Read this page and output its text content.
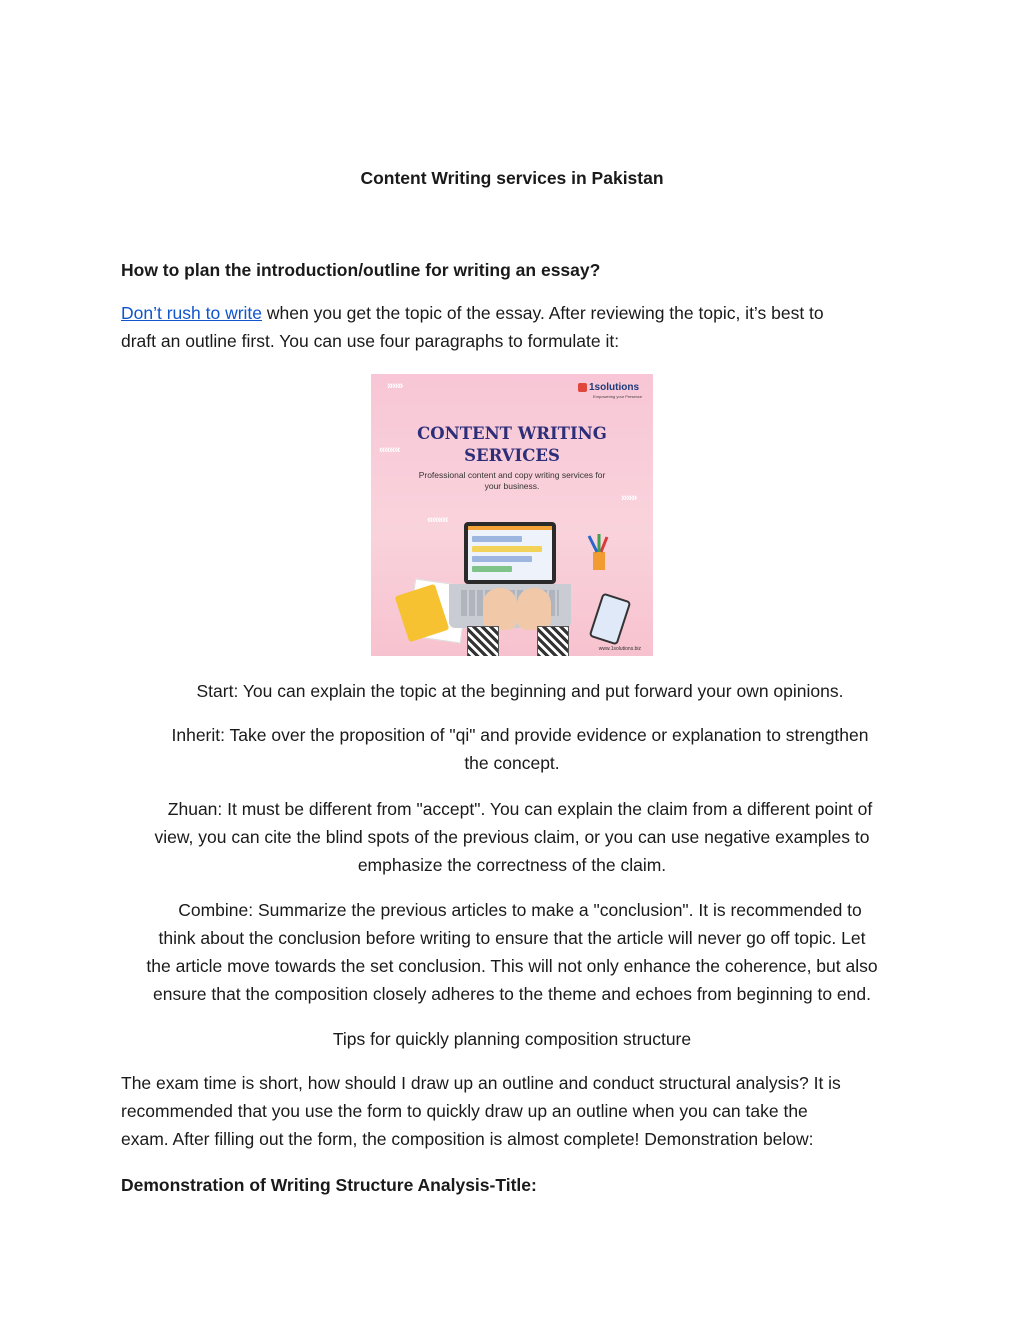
Content Writing services in Pakistan
How to plan the introduction/outline for writing an essay?
Don’t rush to write when you get the topic of the essay. After reviewing the topic, it’s best to
draft an outline first. You can use four paragraphs to formulate it:
»»»
»»»
««««
««««
1solutions
Empowering your Presence
CONTENT WRITING
SERVICES
Professional content and copy writing services for your business.
www.1solutions.biz
Start: You can explain the topic at the beginning and put forward your own opinions.
Inherit: Take over the proposition of "qi" and provide evidence or explanation to strengthen
the concept.
Zhuan: It must be different from "accept". You can explain the claim from a different point of
view, you can cite the blind spots of the previous claim, or you can use negative examples to
emphasize the correctness of the claim.
Combine: Summarize the previous articles to make a "conclusion". It is recommended to
think about the conclusion before writing to ensure that the article will never go off topic. Let
the article move towards the set conclusion. This will not only enhance the coherence, but also
ensure that the composition closely adheres to the theme and echoes from beginning to end.
Tips for quickly planning composition structure
The exam time is short, how should I draw up an outline and conduct structural analysis? It is
recommended that you use the form to quickly draw up an outline when you can take the
exam. After filling out the form, the composition is almost complete! Demonstration below:
Demonstration of Writing Structure Analysis-Title:
